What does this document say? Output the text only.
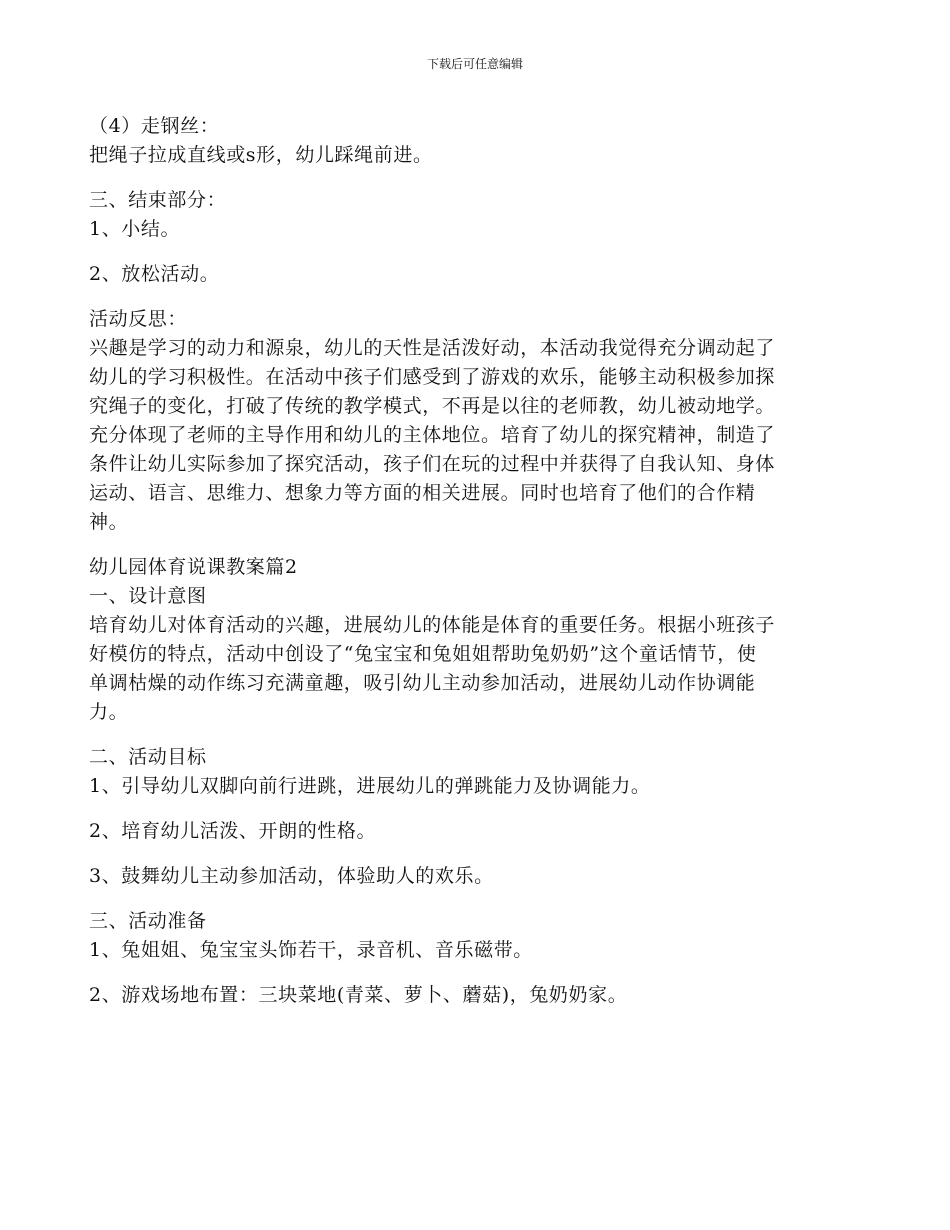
下载后可任意编辑
（4）走钢丝：
把绳子拉成直线或s形，幼儿踩绳前进。
三、结束部分：
1、小结。
2、放松活动。
活动反思：
兴趣是学习的动力和源泉，幼儿的天性是活泼好动，本活动我觉得充分调动起了
幼儿的学习积极性。在活动中孩子们感受到了游戏的欢乐，能够主动积极参加探
究绳子的变化，打破了传统的教学模式，不再是以往的老师教，幼儿被动地学。
充分体现了老师的主导作用和幼儿的主体地位。培育了幼儿的探究精神，制造了
条件让幼儿实际参加了探究活动，孩子们在玩的过程中并获得了自我认知、身体
运动、语言、思维力、想象力等方面的相关进展。同时也培育了他们的合作精
神。
幼儿园体育说课教案篇2
一、设计意图
培育幼儿对体育活动的兴趣，进展幼儿的体能是体育的重要任务。根据小班孩子
好模仿的特点，活动中创设了“兔宝宝和兔姐姐帮助兔奶奶”这个童话情节，使
单调枯燥的动作练习充满童趣，吸引幼儿主动参加活动，进展幼儿动作协调能
力。
二、活动目标
1、引导幼儿双脚向前行进跳，进展幼儿的弹跳能力及协调能力。
2、培育幼儿活泼、开朗的性格。
3、鼓舞幼儿主动参加活动，体验助人的欢乐。
三、活动准备
1、兔姐姐、兔宝宝头饰若干，录音机、音乐磁带。
2、游戏场地布置：三块菜地(青菜、萝卜、蘑菇)，兔奶奶家。
